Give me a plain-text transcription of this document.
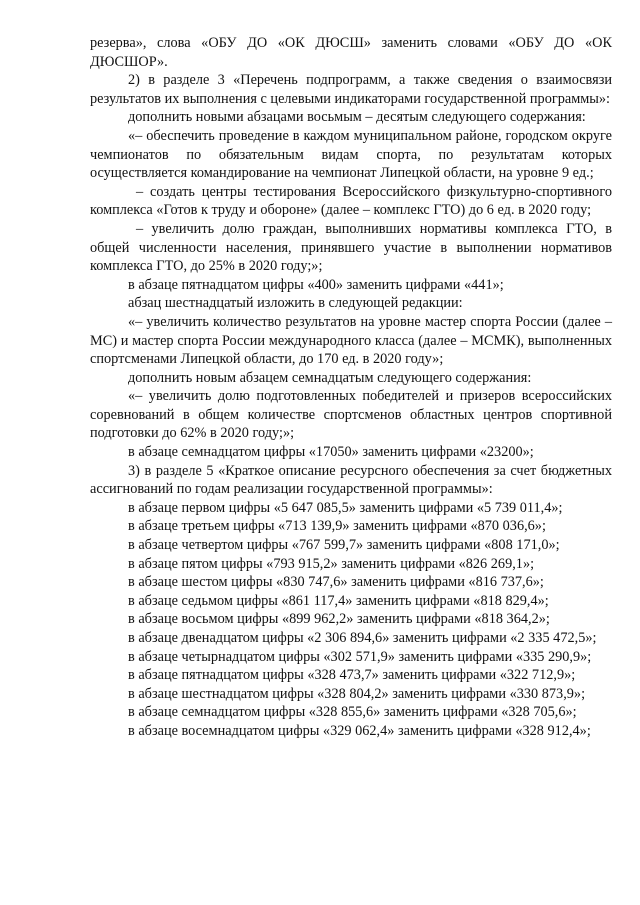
резерва», слова «ОБУ ДО «ОК ДЮСШ» заменить словами «ОБУ ДО «ОК ДЮСШОР».

2) в разделе 3 «Перечень подпрограмм, а также сведения о взаимосвязи результатов их выполнения с целевыми индикаторами государственной программы»:

дополнить новыми абзацами восьмым – десятым следующего содержания:

«– обеспечить проведение в каждом муниципальном районе, городском округе чемпионатов по обязательным видам спорта, по результатам которых осуществляется командирование на чемпионат Липецкой области, на уровне 9 ед.;

– создать центры тестирования Всероссийского физкультурно-спортивного комплекса «Готов к труду и обороне» (далее – комплекс ГТО) до 6 ед. в 2020 году;

– увеличить долю граждан, выполнивших нормативы комплекса ГТО, в общей численности населения, принявшего участие в выполнении нормативов комплекса ГТО, до 25% в 2020 году;»;

в абзаце пятнадцатом цифры «400» заменить цифрами «441»;

абзац шестнадцатый изложить в следующей редакции:

«– увеличить количество результатов на уровне мастер спорта России (далее – МС) и мастер спорта России международного класса (далее – МСМК), выполненных спортсменами Липецкой области, до 170 ед. в 2020 году»;

дополнить новым абзацем семнадцатым следующего содержания:

«– увеличить долю подготовленных победителей и призеров всероссийских соревнований в общем количестве спортсменов областных центров спортивной подготовки до 62% в 2020 году;»;

в абзаце семнадцатом цифры «17050» заменить цифрами «23200»;

3) в разделе 5 «Краткое описание ресурсного обеспечения за счет бюджетных ассигнований по годам реализации государственной программы»:

в абзаце первом цифры «5 647 085,5» заменить цифрами «5 739 011,4»;

в абзаце третьем цифры «713 139,9» заменить цифрами «870 036,6»;

в абзаце четвертом цифры «767 599,7» заменить цифрами «808 171,0»;

в абзаце пятом цифры «793 915,2» заменить цифрами «826 269,1»;

в абзаце шестом цифры «830 747,6» заменить цифрами «816 737,6»;

в абзаце седьмом цифры «861 117,4» заменить цифрами «818 829,4»;

в абзаце восьмом цифры «899 962,2» заменить цифрами «818 364,2»;

в абзаце двенадцатом цифры «2 306 894,6» заменить цифрами «2 335 472,5»;

в абзаце четырнадцатом цифры «302 571,9» заменить цифрами «335 290,9»;

в абзаце пятнадцатом цифры «328 473,7» заменить цифрами «322 712,9»;

в абзаце шестнадцатом цифры «328 804,2» заменить цифрами «330 873,9»;

в абзаце семнадцатом цифры «328 855,6» заменить цифрами «328 705,6»;

в абзаце восемнадцатом цифры «329 062,4» заменить цифрами «328 912,4»;
